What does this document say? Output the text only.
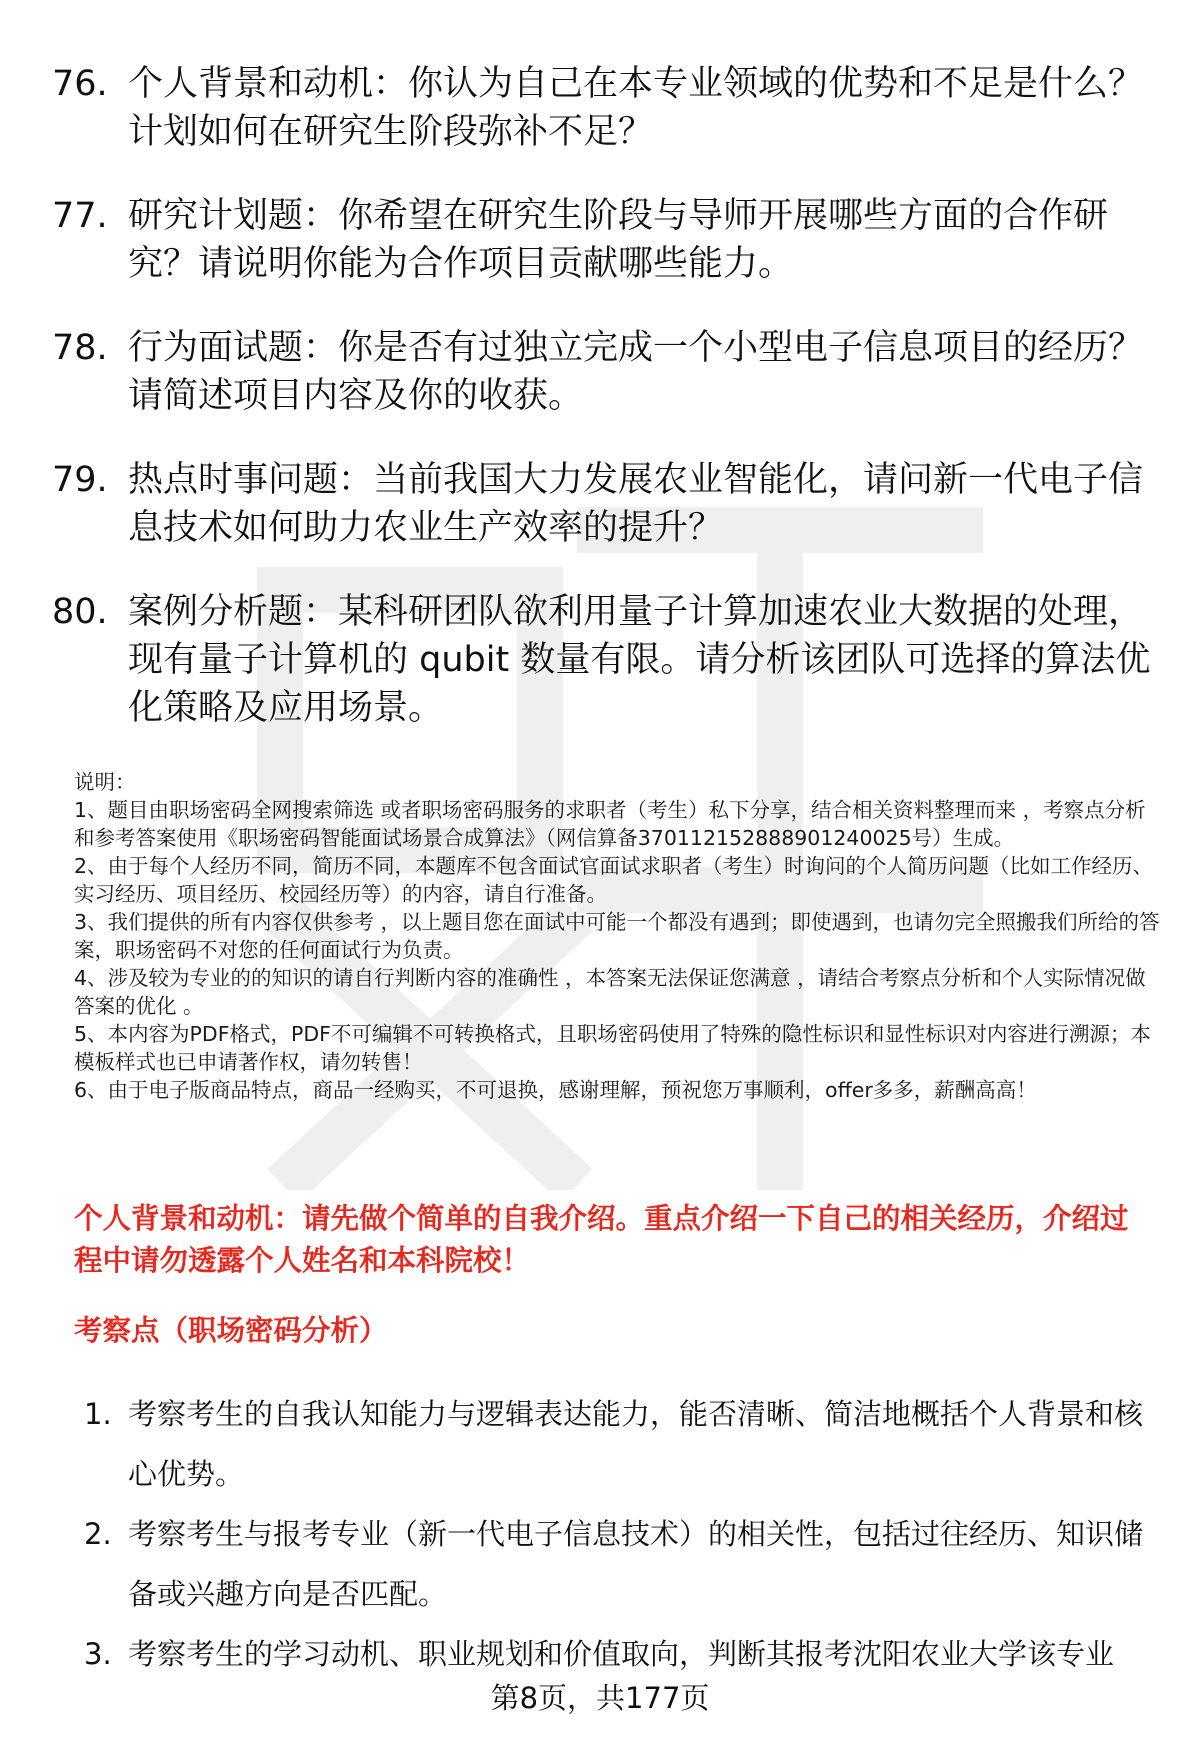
76. 个人背景和动机：你认为自己在本专业领域的优势和不足是什么？计划如何在研究生阶段弥补不足？
77. 研究计划题：你希望在研究生阶段与导师开展哪些方面的合作研究？请说明你能为合作项目贡献哪些能力。
78. 行为面试题：你是否有过独立完成一个小型电子信息项目的经历？请简述项目内容及你的收获。
79. 热点时事问题：当前我国大力发展农业智能化，请问新一代电子信息技术如何助力农业生产效率的提升？
80. 案例分析题：某科研团队欲利用量子计算加速农业大数据的处理，现有量子计算机的 qubit 数量有限。请分析该团队可选择的算法优化策略及应用场景。

说明：

1、题目由职场密码全网搜索筛选 或者职场密码服务的求职者（考生）私下分享，结合相关资料整理而来 ，考察点分析和参考答案使用《职场密码智能面试场景合成算法》（网信算备370112152888901240025号）生成。

2、由于每个人经历不同，简历不同，本题库不包含面试官面试求职者（考生）时询问的个人简历问题（比如工作经历、实习经历、项目经历、校园经历等）的内容，请自行准备。

3、我们提供的所有内容仅供参考 ，以上题目您在面试中可能一个都没有遇到；即使遇到，也请勿完全照搬我们所给的答案，职场密码不对您的任何面试行为负责。

4、涉及较为专业的的知识的请自行判断内容的准确性 ，本答案无法保证您满意 ，请结合考察点分析和个人实际情况做答案的优化 。

5、本内容为PDF格式，PDF不可编辑不可转换格式，且职场密码使用了特殊的隐性标识和显性标识对内容进行溯源；本模板样式也已申请著作权，请勿转售！

6、由于电子版商品特点，商品一经购买，不可退换，感谢理解，预祝您万事顺利，offer多多，薪酬高高！

个人背景和动机：请先做个简单的自我介绍。重点介绍一下自己的相关经历，介绍过程中请勿透露个人姓名和本科院校！
考察点（职场密码分析）
1. 考察考生的自我认知能力与逻辑表达能力，能否清晰、简洁地概括个人背景和核心优势。
2. 考察考生与报考专业（新一代电子信息技术）的相关性，包括过往经历、知识储备或兴趣方向是否匹配。
3. 考察考生的学习动机、职业规划和价值取向，判断其报考沈阳农业大学该专业
第8页，共177页
